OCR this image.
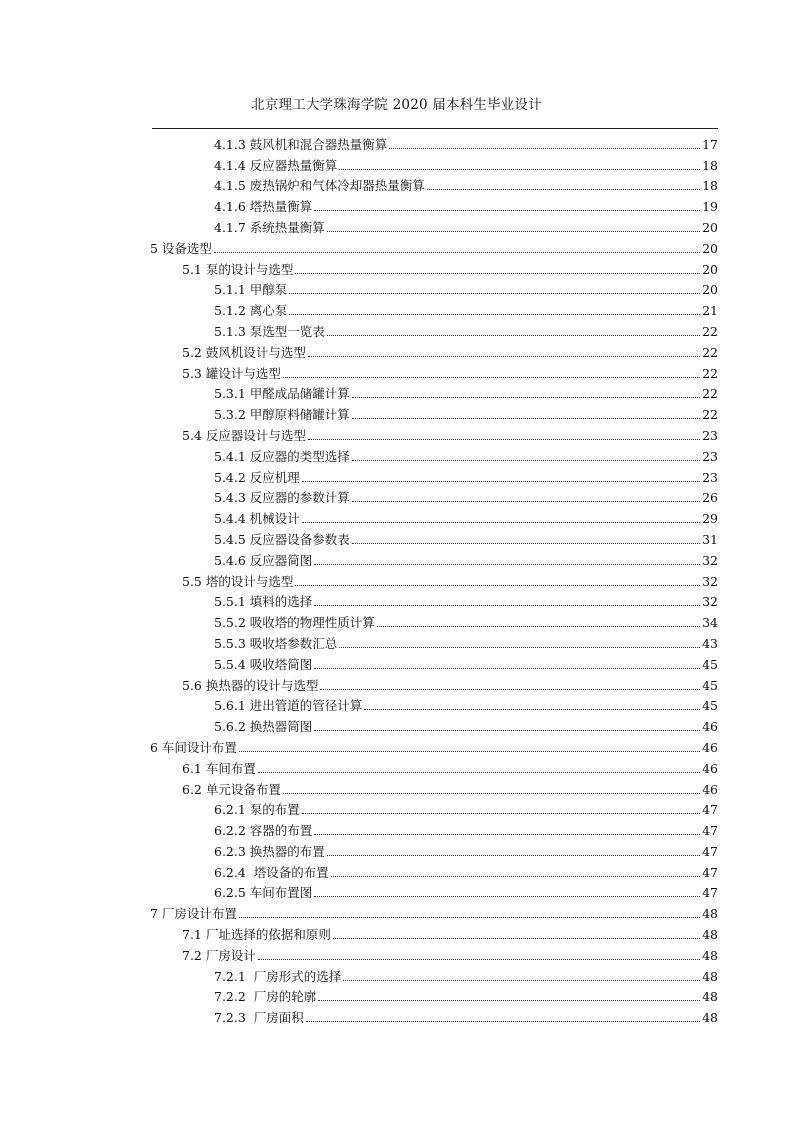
北京理工大学珠海学院 2020 届本科生毕业设计
4.1.3 鼓风机和混合器热量衡算	17
4.1.4 反应器热量衡算	18
4.1.5 废热锅炉和气体冷却器热量衡算	18
4.1.6 塔热量衡算	19
4.1.7 系统热量衡算	20
5 设备选型	20
5.1 泵的设计与选型	20
5.1.1 甲醇泵	20
5.1.2 离心泵	21
5.1.3 泵选型一览表	22
5.2 鼓风机设计与选型	22
5.3 罐设计与选型	22
5.3.1 甲醛成品储罐计算	22
5.3.2 甲醇原料储罐计算	22
5.4 反应器设计与选型	23
5.4.1 反应器的类型选择	23
5.4.2 反应机理	23
5.4.3 反应器的参数计算	26
5.4.4 机械设计	29
5.4.5 反应器设备参数表	31
5.4.6 反应器简图	32
5.5 塔的设计与选型	32
5.5.1 填料的选择	32
5.5.2 吸收塔的物理性质计算	34
5.5.3 吸收塔参数汇总	43
5.5.4 吸收塔简图	45
5.6 换热器的设计与选型	45
5.6.1 进出管道的管径计算	45
5.6.2 换热器简图	46
6 车间设计布置	46
6.1 车间布置	46
6.2 单元设备布置	46
6.2.1 泵的布置	47
6.2.2 容器的布置	47
6.2.3 换热器的布置	47
6.2.4  塔设备的布置	47
6.2.5 车间布置图	47
7 厂房设计布置	48
7.1 厂址选择的依据和原则	48
7.2 厂房设计	48
7.2.1  厂房形式的选择	48
7.2.2  厂房的轮廓	48
7.2.3  厂房面积	48
